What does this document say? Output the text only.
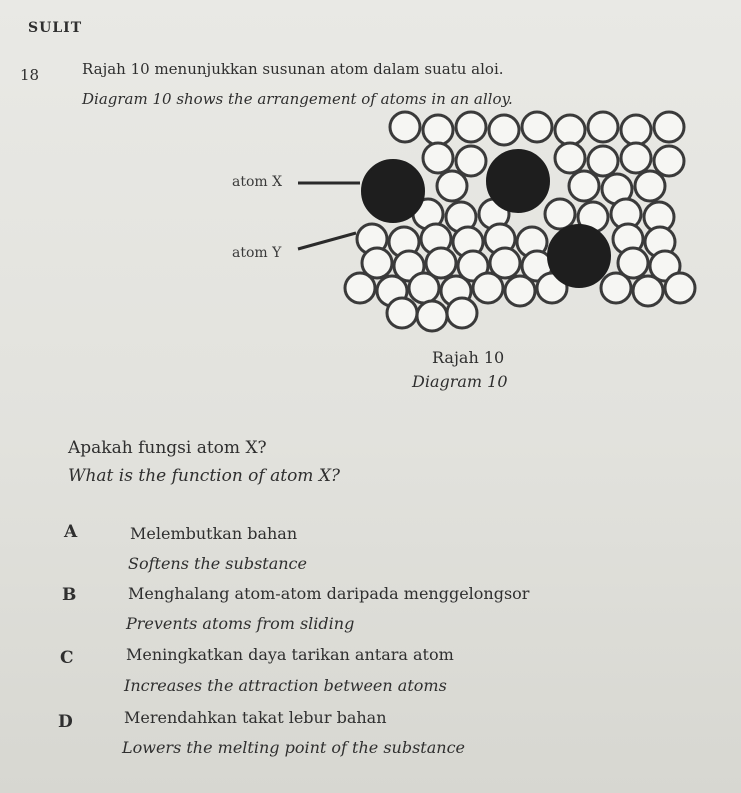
SULIT
18	Rajah 10 menunjukkan susunan atom dalam suatu aloi.
Diagram 10 shows the arrangement of atoms in an alloy.
atom X
atom Y
Rajah 10
Diagram 10
Apakah fungsi atom X?
What is the function of atom X?
A	Melembutkan bahan
Softens the substance
B	Menghalang atom-atom daripada menggelongsor
Prevents atoms from sliding
C	Meningkatkan daya tarikan antara atom
Increases the attraction between atoms
D	Merendahkan takat lebur bahan
Lowers the melting point of the substance
